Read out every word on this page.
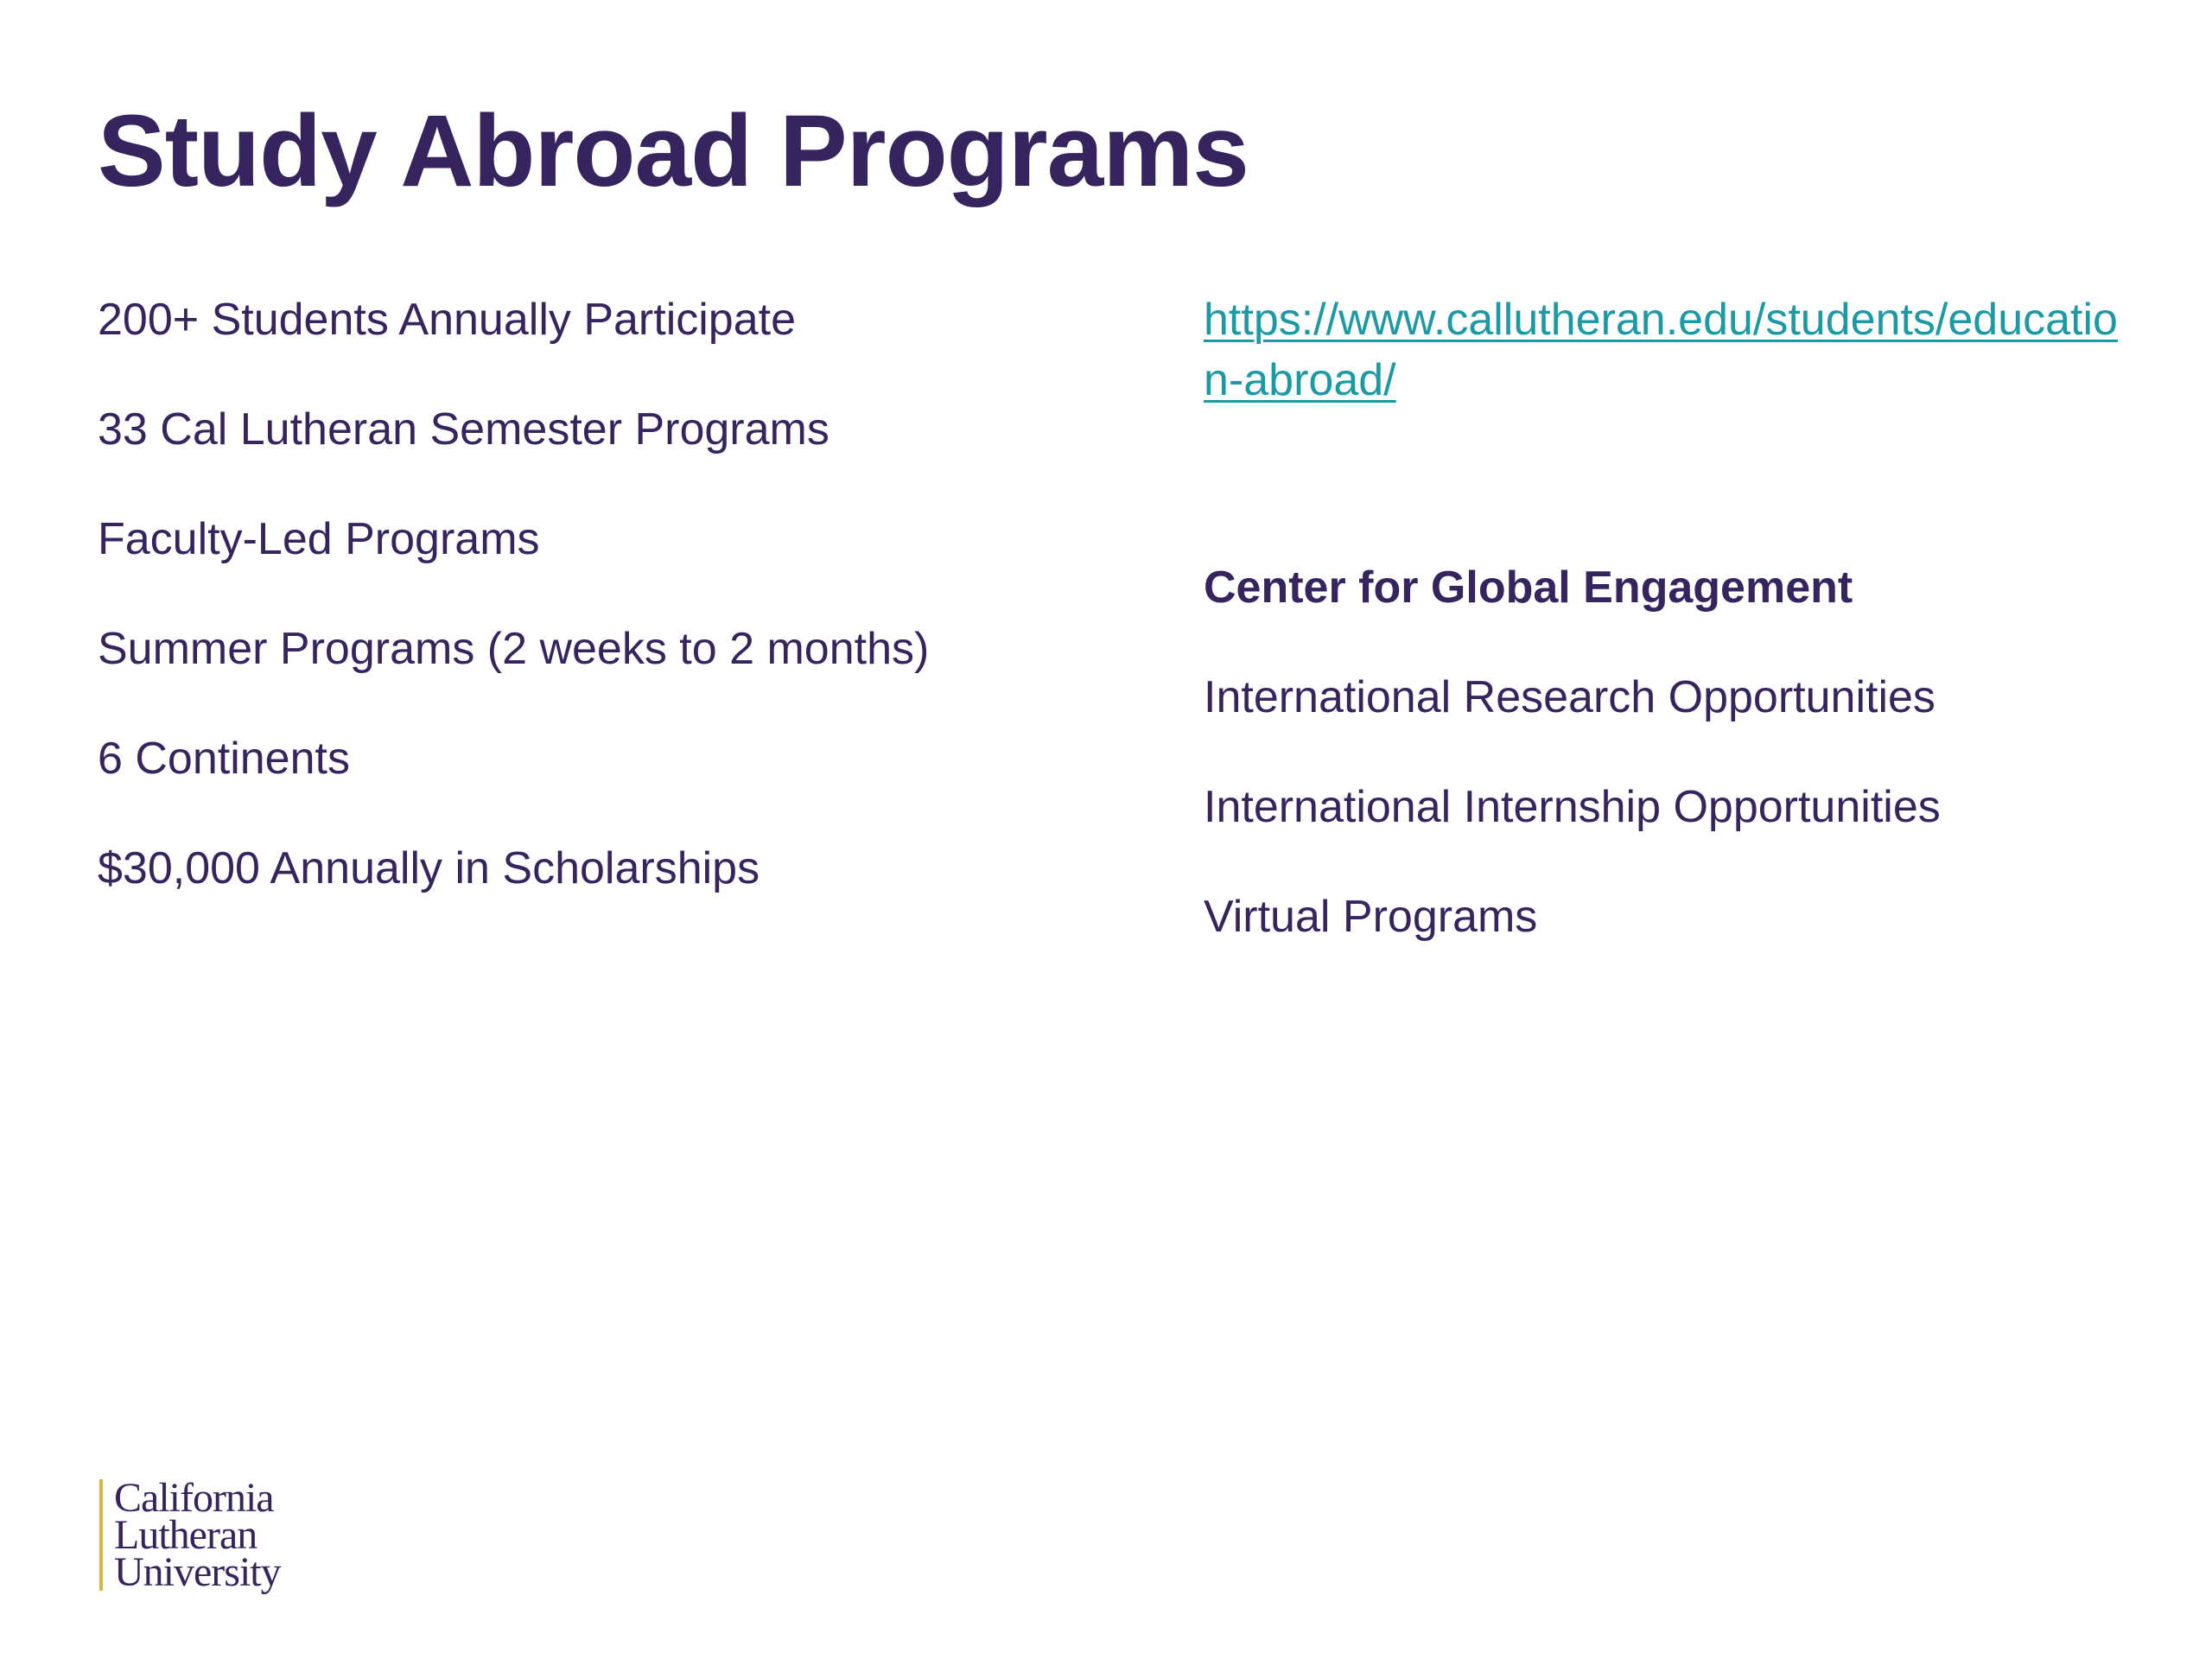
Study Abroad Programs
200+ Students Annually Participate
33 Cal Lutheran Semester Programs
Faculty-Led Programs
Summer Programs (2 weeks to 2 months)
6 Continents
$30,000 Annually in Scholarships
https://www.callutheran.edu/students/education-abroad/
Center for Global Engagement
International Research Opportunities
International Internship Opportunities
Virtual Programs
California
Lutheran
University
